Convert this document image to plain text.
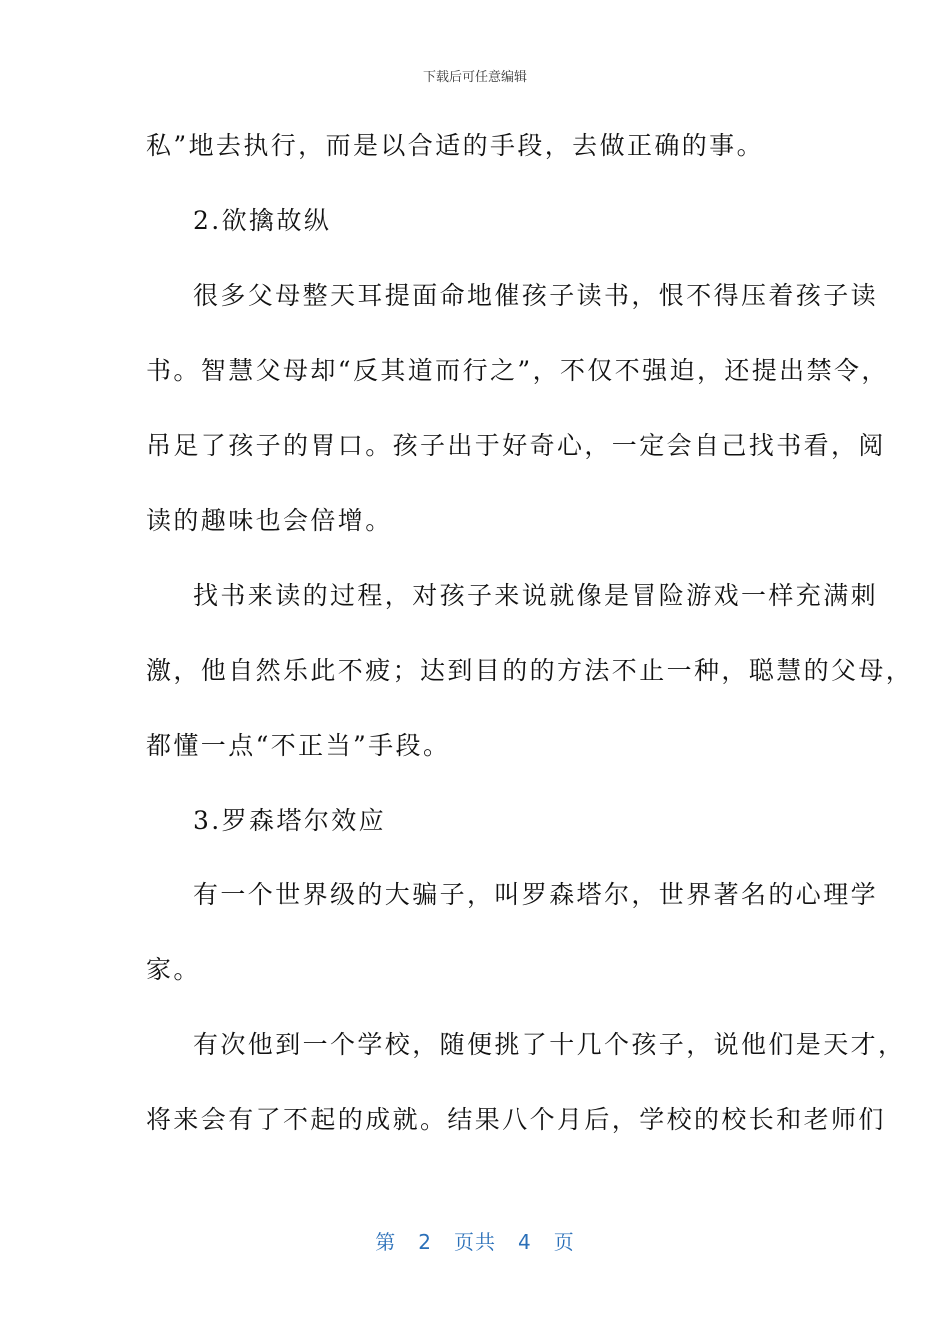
下载后可任意编辑
私”地去执行，而是以合适的手段，去做正确的事。
2.欲擒故纵
很多父母整天耳提面命地催孩子读书，恨不得压着孩子读
书。智慧父母却“反其道而行之”，不仅不强迫，还提出禁令，
吊足了孩子的胃口。孩子出于好奇心，一定会自己找书看，阅
读的趣味也会倍增。
找书来读的过程，对孩子来说就像是冒险游戏一样充满刺
激，他自然乐此不疲；达到目的的方法不止一种，聪慧的父母，
都懂一点“不正当”手段。
3.罗森塔尔效应
有一个世界级的大骗子，叫罗森塔尔，世界著名的心理学
家。
有次他到一个学校，随便挑了十几个孩子，说他们是天才，
将来会有了不起的成就。结果八个月后，学校的校长和老师们
第 2 页共 4 页
